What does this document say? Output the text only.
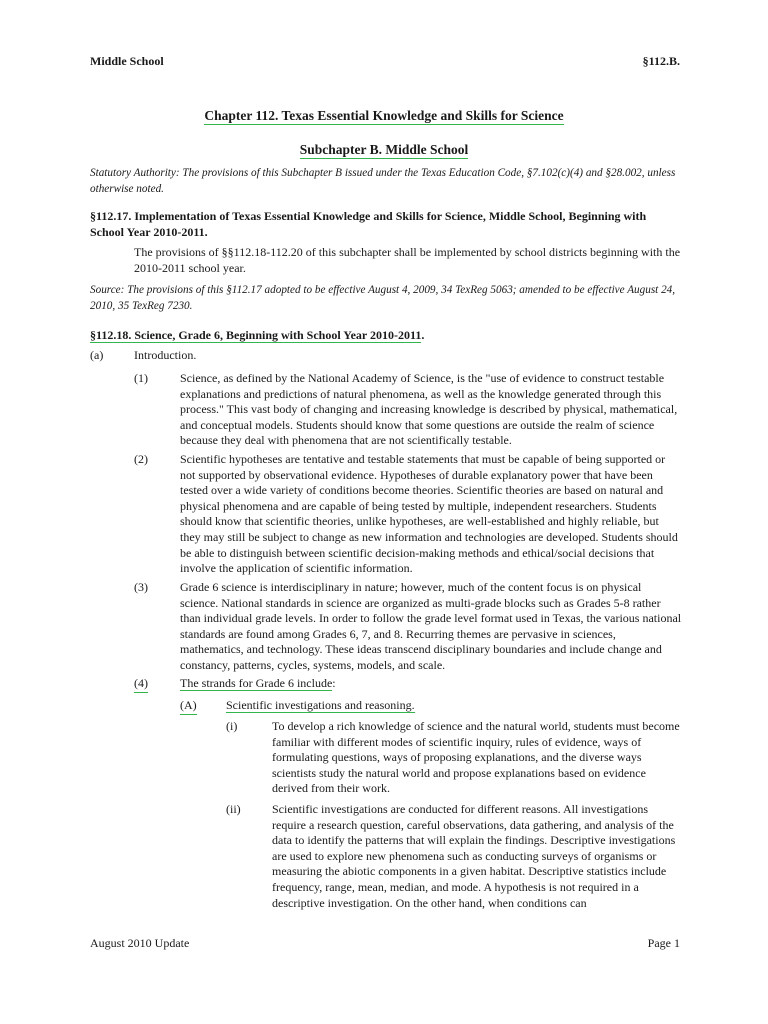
Middle School	§112.B.
Chapter 112. Texas Essential Knowledge and Skills for Science
Subchapter B. Middle School
Statutory Authority: The provisions of this Subchapter B issued under the Texas Education Code, §7.102(c)(4) and §28.002, unless otherwise noted.
§112.17. Implementation of Texas Essential Knowledge and Skills for Science, Middle School, Beginning with School Year 2010-2011.
The provisions of §§112.18-112.20 of this subchapter shall be implemented by school districts beginning with the 2010-2011 school year.
Source: The provisions of this §112.17 adopted to be effective August 4, 2009, 34 TexReg 5063; amended to be effective August 24, 2010, 35 TexReg 7230.
§112.18. Science, Grade 6, Beginning with School Year 2010-2011.
(a)	Introduction.
(1)	Science, as defined by the National Academy of Science, is the "use of evidence to construct testable explanations and predictions of natural phenomena, as well as the knowledge generated through this process." This vast body of changing and increasing knowledge is described by physical, mathematical, and conceptual models. Students should know that some questions are outside the realm of science because they deal with phenomena that are not scientifically testable.
(2)	Scientific hypotheses are tentative and testable statements that must be capable of being supported or not supported by observational evidence. Hypotheses of durable explanatory power that have been tested over a wide variety of conditions become theories. Scientific theories are based on natural and physical phenomena and are capable of being tested by multiple, independent researchers. Students should know that scientific theories, unlike hypotheses, are well-established and highly reliable, but they may still be subject to change as new information and technologies are developed. Students should be able to distinguish between scientific decision-making methods and ethical/social decisions that involve the application of scientific information.
(3)	Grade 6 science is interdisciplinary in nature; however, much of the content focus is on physical science. National standards in science are organized as multi-grade blocks such as Grades 5-8 rather than individual grade levels. In order to follow the grade level format used in Texas, the various national standards are found among Grades 6, 7, and 8. Recurring themes are pervasive in sciences, mathematics, and technology. These ideas transcend disciplinary boundaries and include change and constancy, patterns, cycles, systems, models, and scale.
(4)	The strands for Grade 6 include:
(A) Scientific investigations and reasoning.
(i)	To develop a rich knowledge of science and the natural world, students must become familiar with different modes of scientific inquiry, rules of evidence, ways of formulating questions, ways of proposing explanations, and the diverse ways scientists study the natural world and propose explanations based on evidence derived from their work.
(ii)	Scientific investigations are conducted for different reasons. All investigations require a research question, careful observations, data gathering, and analysis of the data to identify the patterns that will explain the findings. Descriptive investigations are used to explore new phenomena such as conducting surveys of organisms or measuring the abiotic components in a given habitat. Descriptive statistics include frequency, range, mean, median, and mode. A hypothesis is not required in a descriptive investigation. On the other hand, when conditions can
August 2010 Update	Page 1
